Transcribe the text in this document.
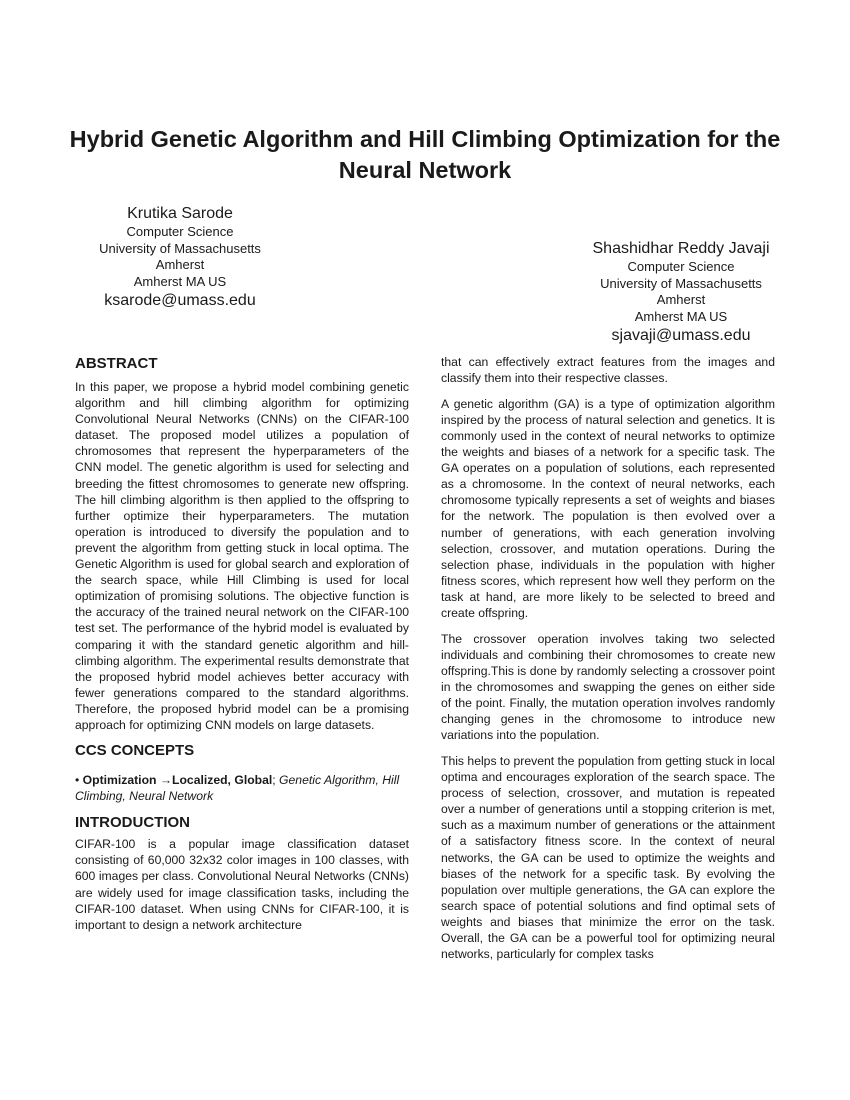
Hybrid Genetic Algorithm and Hill Climbing Optimization for the Neural Network
Krutika Sarode
Computer Science
University of Massachusetts
Amherst
Amherst MA US
ksarode@umass.edu
Shashidhar Reddy Javaji
Computer Science
University of Massachusetts
Amherst
Amherst MA US
sjavaji@umass.edu
ABSTRACT

In this paper, we propose a hybrid model combining genetic algorithm and hill climbing algorithm for optimizing Convolutional Neural Networks (CNNs) on the CIFAR-100 dataset. The proposed model utilizes a population of chromosomes that represent the hyperparameters of the CNN model. The genetic algorithm is used for selecting and breeding the fittest chromosomes to generate new offspring. The hill climbing algorithm is then applied to the offspring to further optimize their hyperparameters. The mutation operation is introduced to diversify the population and to prevent the algorithm from getting stuck in local optima. The Genetic Algorithm is used for global search and exploration of the search space, while Hill Climbing is used for local optimization of promising solutions. The objective function is the accuracy of the trained neural network on the CIFAR-100 test set. The performance of the hybrid model is evaluated by comparing it with the standard genetic algorithm and hill-climbing algorithm. The experimental results demonstrate that the proposed hybrid model achieves better accuracy with fewer generations compared to the standard algorithms. Therefore, the proposed hybrid model can be a promising approach for optimizing CNN models on large datasets.

CCS CONCEPTS

• Optimization →Localized, Global; Genetic Algorithm, Hill Climbing, Neural Network

INTRODUCTION

CIFAR-100 is a popular image classification dataset consisting of 60,000 32x32 color images in 100 classes, with 600 images per class. Convolutional Neural Networks (CNNs) are widely used for image classification tasks, including the CIFAR-100 dataset. When using CNNs for CIFAR-100, it is important to design a network architecture

that can effectively extract features from the images and classify them into their respective classes.

A genetic algorithm (GA) is a type of optimization algorithm inspired by the process of natural selection and genetics. It is commonly used in the context of neural networks to optimize the weights and biases of a network for a specific task. The GA operates on a population of solutions, each represented as a chromosome. In the context of neural networks, each chromosome typically represents a set of weights and biases for the network. The population is then evolved over a number of generations, with each generation involving selection, crossover, and mutation operations. During the selection phase, individuals in the population with higher fitness scores, which represent how well they perform on the task at hand, are more likely to be selected to breed and create offspring.

The crossover operation involves taking two selected individuals and combining their chromosomes to create new offspring.This is done by randomly selecting a crossover point in the chromosomes and swapping the genes on either side of the point. Finally, the mutation operation involves randomly changing genes in the chromosome to introduce new variations into the population.

This helps to prevent the population from getting stuck in local optima and encourages exploration of the search space. The process of selection, crossover, and mutation is repeated over a number of generations until a stopping criterion is met, such as a maximum number of generations or the attainment of a satisfactory fitness score. In the context of neural networks, the GA can be used to optimize the weights and biases of the network for a specific task. By evolving the population over multiple generations, the GA can explore the search space of potential solutions and find optimal sets of weights and biases that minimize the error on the task. Overall, the GA can be a powerful tool for optimizing neural networks, particularly for complex tasks
